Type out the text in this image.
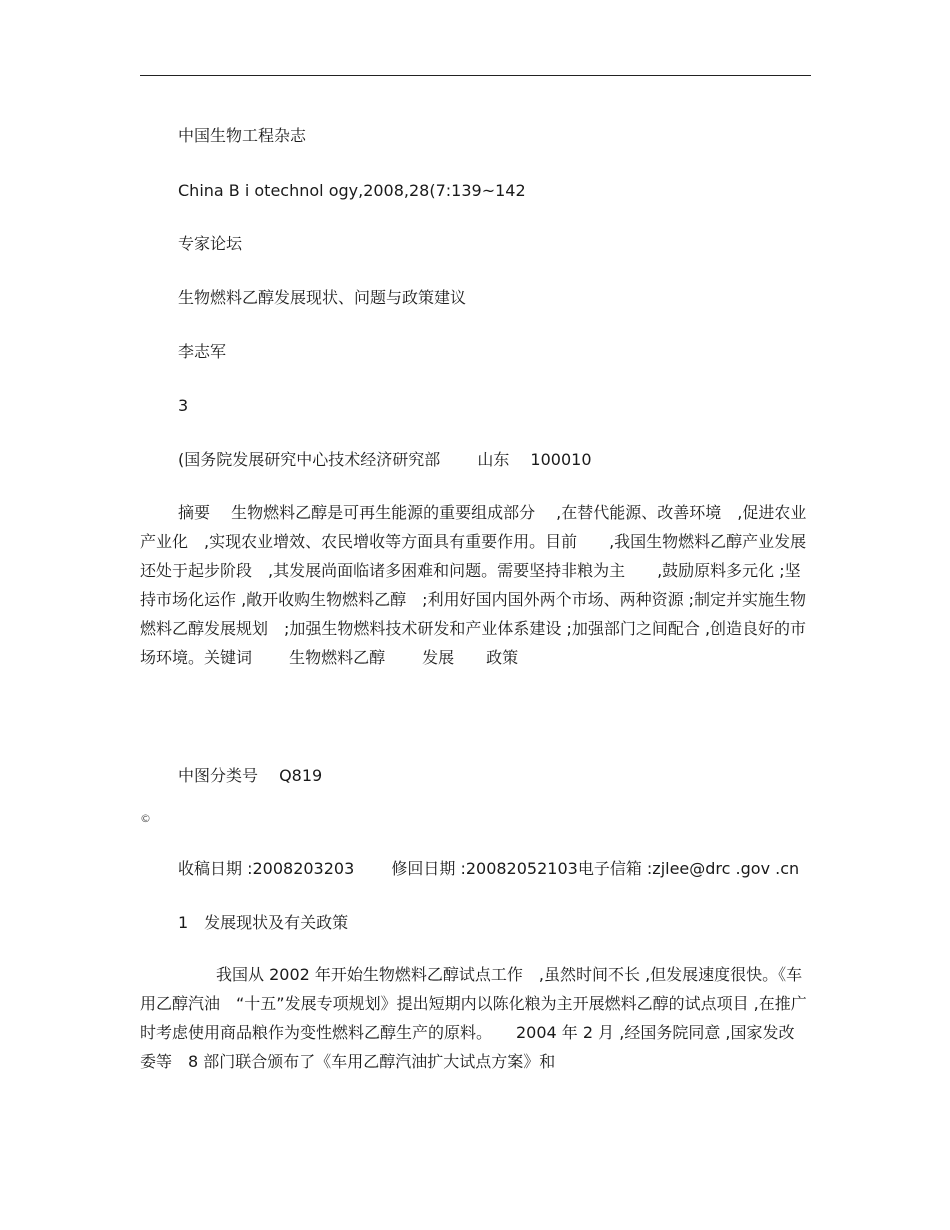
中国生物工程杂志
China B i otechnol ogy,2008,28(7:139~142
专家论坛
生物燃料乙醇发展现状、问题与政策建议
李志军
3
(国务院发展研究中心技术经济研究部　　 山东　 100010

摘要　 生物燃料乙醇是可再生能源的重要组成部分　 ,在替代能源、改善环境　,促进农业产业化　,实现农业增效、农民增收等方面具有重要作用。目前　　,我国生物燃料乙醇产业发展还处于起步阶段　,其发展尚面临诸多困难和问题。需要坚持非粮为主　　,鼓励原料多元化 ;坚持市场化运作 ,敞开收购生物燃料乙醇　;利用好国内国外两个市场、两种资源 ;制定并实施生物燃料乙醇发展规划　;加强生物燃料技术研发和产业体系建设 ;加强部门之间配合 ,创造良好的市场环境。关键词　　 生物燃料乙醇　　 发展　　政策

中图分类号　 Q819
©
收稿日期 :2008203203　　 修回日期 :20082052103电子信箱 :zjlee@drc .gov .cn
1　发展现状及有关政策

我国从 2002 年开始生物燃料乙醇试点工作　,虽然时间不长 ,但发展速度很快。《车用乙醇汽油　“十五”发展专项规划》提出短期内以陈化粮为主开展燃料乙醇的试点项目 ,在推广时考虑使用商品粮作为变性燃料乙醇生产的原料。　　2004 年 2 月 ,经国务院同意 ,国家发改委等　8 部门联合颁布了《车用乙醇汽油扩大试点方案》和
